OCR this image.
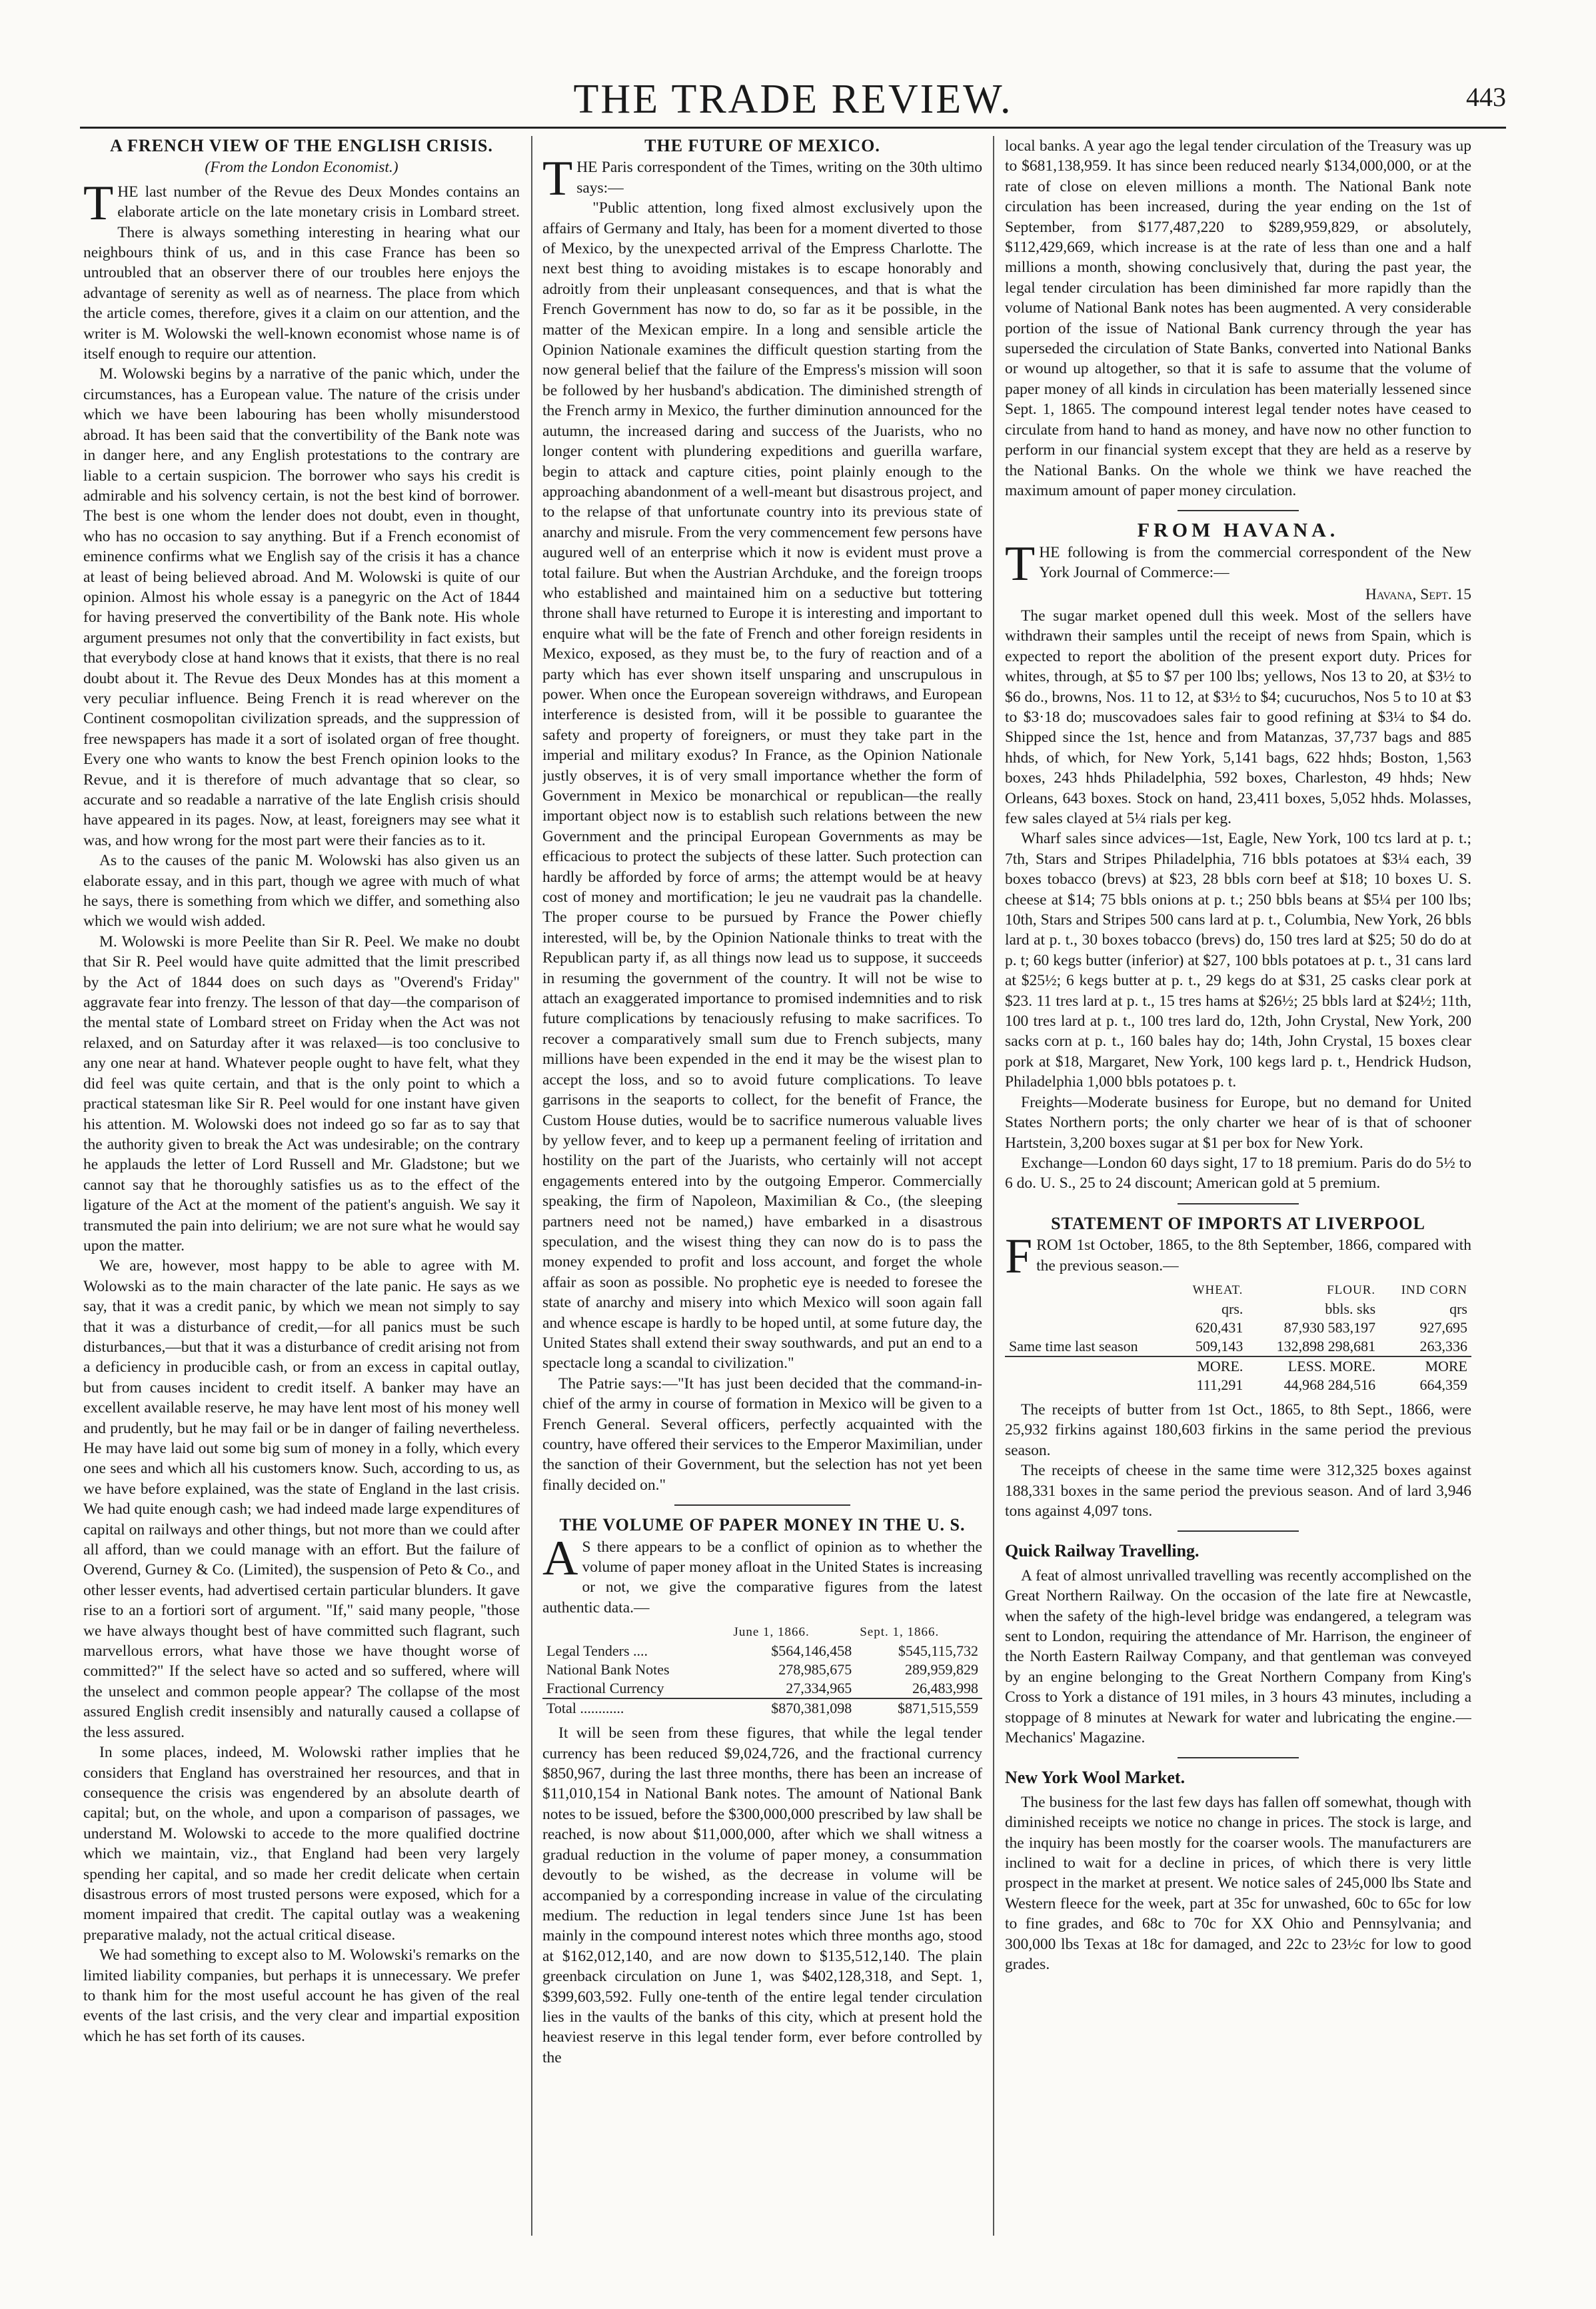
THE TRADE REVIEW.	443
A FRENCH VIEW OF THE ENGLISH CRISIS.
(From the London Economist.)

THE last number of the Revue des Deux Mondes contains an elaborate article on the late monetary crisis in Lombard street. There is always something interesting in hearing what our neighbours think of us, and in this case France has been so untroubled that an observer there of our troubles here enjoys the advantage of serenity as well as of nearness. The place from which the article comes, therefore, gives it a claim on our attention, and the writer is M. Wolowski the well-known economist whose name is of itself enough to require our attention.

M. Wolowski begins by a narrative of the panic which, under the circumstances, has a European value. The nature of the crisis under which we have been labouring has been wholly misunderstood abroad. It has been said that the convertibility of the Bank note was in danger here, and any English protestations to the contrary are liable to a certain suspicion. The borrower who says his credit is admirable and his solvency certain, is not the best kind of borrower. The best is one whom the lender does not doubt, even in thought, who has no occasion to say anything. But if a French economist of eminence confirms what we English say of the crisis it has a chance at least of being believed abroad. And M. Wolowski is quite of our opinion. Almost his whole essay is a panegyric on the Act of 1844 for having preserved the convertibility of the Bank note. His whole argument presumes not only that the convertibility in fact exists, but that everybody close at hand knows that it exists, that there is no real doubt about it. The Revue des Deux Mondes has at this moment a very peculiar influence. Being French it is read wherever on the Continent cosmopolitan civilization spreads, and the suppression of free newspapers has made it a sort of isolated organ of free thought. Every one who wants to know the best French opinion looks to the Revue, and it is therefore of much advantage that so clear, so accurate and so readable a narrative of the late English crisis should have appeared in its pages. Now, at least, foreigners may see what it was, and how wrong for the most part were their fancies as to it.

As to the causes of the panic M. Wolowski has also given us an elaborate essay, and in this part, though we agree with much of what he says, there is something from which we differ, and something also which we would wish added.

M. Wolowski is more Peelite than Sir R. Peel. We make no doubt that Sir R. Peel would have quite admitted that the limit prescribed by the Act of 1844 does on such days as "Overend's Friday" aggravate fear into frenzy. The lesson of that day—the comparison of the mental state of Lombard street on Friday when the Act was not relaxed, and on Saturday after it was relaxed—is too conclusive to any one near at hand. Whatever people ought to have felt, what they did feel was quite certain, and that is the only point to which a practical statesman like Sir R. Peel would for one instant have given his attention. M. Wolowski does not indeed go so far as to say that the authority given to break the Act was undesirable; on the contrary he applauds the letter of Lord Russell and Mr. Gladstone; but we cannot say that he thoroughly satisfies us as to the effect of the ligature of the Act at the moment of the patient's anguish. We say it transmuted the pain into delirium; we are not sure what he would say upon the matter.

We are, however, most happy to be able to agree with M. Wolowski as to the main character of the late panic. He says as we say, that it was a credit panic, by which we mean not simply to say that it was a disturbance of credit,—for all panics must be such disturbances,—but that it was a disturbance of credit arising not from a deficiency in producible cash, or from an excess in capital outlay, but from causes incident to credit itself. A banker may have an excellent available reserve, he may have lent most of his money well and prudently, but he may fail or be in danger of failing nevertheless. He may have laid out some big sum of money in a folly, which every one sees and which all his customers know. Such, according to us, as we have before explained, was the state of England in the last crisis. We had quite enough cash; we had indeed made large expenditures of capital on railways and other things, but not more than we could after all afford, than we could manage with an effort. But the failure of Overend, Gurney & Co. (Limited), the suspension of Peto & Co., and other lesser events, had advertised certain particular blunders. It gave rise to an a fortiori sort of argument. "If," said many people, "those we have always thought best of have committed such flagrant, such marvellous errors, what have those we have thought worse of committed?" If the select have so acted and so suffered, where will the unselect and common people appear? The collapse of the most assured English credit insensibly and naturally caused a collapse of the less assured.

In some places, indeed, M. Wolowski rather implies that he considers that England has overstrained her resources, and that in consequence the crisis was engendered by an absolute dearth of capital; but, on the whole, and upon a comparison of passages, we understand M. Wolowski to accede to the more qualified doctrine which we maintain, viz., that England had been very largely spending her capital, and so made her credit delicate when certain disastrous errors of most trusted persons were exposed, which for a moment impaired that credit. The capital outlay was a weakening preparative malady, not the actual critical disease.

We had something to except also to M. Wolowski's remarks on the limited liability companies, but perhaps it is unnecessary. We prefer to thank him for the most useful account he has given of the real events of the last crisis, and the very clear and impartial exposition which he has set forth of its causes.

THE FUTURE OF MEXICO.

THE Paris correspondent of the Times, writing on the 30th ultimo says:—

"Public attention, long fixed almost exclusively upon the affairs of Germany and Italy, has been for a moment diverted to those of Mexico, by the unexpected arrival of the Empress Charlotte. The next best thing to avoiding mistakes is to escape honorably and adroitly from their unpleasant consequences, and that is what the French Government has now to do, so far as it be possible, in the matter of the Mexican empire. In a long and sensible article the Opinion Nationale examines the difficult question starting from the now general belief that the failure of the Empress's mission will soon be followed by her husband's abdication. The diminished strength of the French army in Mexico, the further diminution announced for the autumn, the increased daring and success of the Juarists, who no longer content with plundering expeditions and guerilla warfare, begin to attack and capture cities, point plainly enough to the approaching abandonment of a well-meant but disastrous project, and to the relapse of that unfortunate country into its previous state of anarchy and misrule. From the very commencement few persons have augured well of an enterprise which it now is evident must prove a total failure. But when the Austrian Archduke, and the foreign troops who established and maintained him on a seductive but tottering throne shall have returned to Europe it is interesting and important to enquire what will be the fate of French and other foreign residents in Mexico, exposed, as they must be, to the fury of reaction and of a party which has ever shown itself unsparing and unscrupulous in power. When once the European sovereign withdraws, and European interference is desisted from, will it be possible to guarantee the safety and property of foreigners, or must they take part in the imperial and military exodus? In France, as the Opinion Nationale justly observes, it is of very small importance whether the form of Government in Mexico be monarchical or republican—the really important object now is to establish such relations between the new Government and the principal European Governments as may be efficacious to protect the subjects of these latter. Such protection can hardly be afforded by force of arms; the attempt would be at heavy cost of money and mortification; le jeu ne vaudrait pas la chandelle. The proper course to be pursued by France the Power chiefly interested, will be, by the Opinion Nationale thinks to treat with the Republican party if, as all things now lead us to suppose, it succeeds in resuming the government of the country. It will not be wise to attach an exaggerated importance to promised indemnities and to risk future complications by tenaciously refusing to make sacrifices. To recover a comparatively small sum due to French subjects, many millions have been expended in the end it may be the wisest plan to accept the loss, and so to avoid future complications. To leave garrisons in the seaports to collect, for the benefit of France, the Custom House duties, would be to sacrifice numerous valuable lives by yellow fever, and to keep up a permanent feeling of irritation and hostility on the part of the Juarists, who certainly will not accept engagements entered into by the outgoing Emperor. Commercially speaking, the firm of Napoleon, Maximilian & Co., (the sleeping partners need not be named,) have embarked in a disastrous speculation, and the wisest thing they can now do is to pass the money expended to profit and loss account, and forget the whole affair as soon as possible. No prophetic eye is needed to foresee the state of anarchy and misery into which Mexico will soon again fall and whence escape is hardly to be hoped until, at some future day, the United States shall extend their sway southwards, and put an end to a spectacle long a scandal to civilization."

The Patrie says:—"It has just been decided that the command-in-chief of the army in course of formation in Mexico will be given to a French General. Several officers, perfectly acquainted with the country, have offered their services to the Emperor Maximilian, under the sanction of their Government, but the selection has not yet been finally decided on."

THE VOLUME OF PAPER MONEY IN THE U. S.

A S there appears to be a conflict of opinion as to whether the volume of paper money afloat in the United States is increasing or not, we give the comparative figures from the latest authentic data.—

	June 1, 1866.	Sept. 1, 1866.
Legal Tenders ....	$564,146,458	$545,115,732
National Bank Notes	278,985,675	289,959,829
Fractional Currency	27,334,965	26,483,998
Total ............	$870,381,098	$871,515,559

It will be seen from these figures, that while the legal tender currency has been reduced $9,024,726, and the fractional currency $850,967, during the last three months, there has been an increase of $11,010,154 in National Bank notes. The amount of National Bank notes to be issued, before the $300,000,000 prescribed by law shall be reached, is now about $11,000,000, after which we shall witness a gradual reduction in the volume of paper money, a consummation devoutly to be wished, as the decrease in volume will be accompanied by a corresponding increase in value of the circulating medium. The reduction in legal tenders since June 1st has been mainly in the compound interest notes which three months ago, stood at $162,012,140, and are now down to $135,512,140. The plain greenback circulation on June 1, was $402,128,318, and Sept. 1, $399,603,592. Fully one-tenth of the entire legal tender circulation lies in the vaults of the banks of this city, which at present hold the heaviest reserve in this legal tender form, ever before controlled by the

local banks. A year ago the legal tender circulation of the Treasury was up to $681,138,959. It has since been reduced nearly $134,000,000, or at the rate of close on eleven millions a month. The National Bank note circulation has been increased, during the year ending on the 1st of September, from $177,487,220 to $289,959,829, or absolutely, $112,429,669, which increase is at the rate of less than one and a half millions a month, showing conclusively that, during the past year, the legal tender circulation has been diminished far more rapidly than the volume of National Bank notes has been augmented. A very considerable portion of the issue of National Bank currency through the year has superseded the circulation of State Banks, converted into National Banks or wound up altogether, so that it is safe to assume that the volume of paper money of all kinds in circulation has been materially lessened since Sept. 1, 1865. The compound interest legal tender notes have ceased to circulate from hand to hand as money, and have now no other function to perform in our financial system except that they are held as a reserve by the National Banks. On the whole we think we have reached the maximum amount of paper money circulation.

FROM HAVANA.

THE following is from the commercial correspondent of the New York Journal of Commerce:—

Havana, Sept. 15

The sugar market opened dull this week. Most of the sellers have withdrawn their samples until the receipt of news from Spain, which is expected to report the abolition of the present export duty. Prices for whites, through, at $5 to $7 per 100 lbs; yellows, Nos 13 to 20, at $3½ to $6 do., browns, Nos. 11 to 12, at $3½ to $4; cucuruchos, Nos 5 to 10 at $3 to $3·18 do; muscovadoes sales fair to good refining at $3¼ to $4 do. Shipped since the 1st, hence and from Matanzas, 37,737 bags and 885 hhds, of which, for New York, 5,141 bags, 622 hhds; Boston, 1,563 boxes, 243 hhds Philadelphia, 592 boxes, Charleston, 49 hhds; New Orleans, 643 boxes. Stock on hand, 23,411 boxes, 5,052 hhds. Molasses, few sales clayed at 5¼ rials per keg.

Wharf sales since advices—1st, Eagle, New York, 100 tcs lard at p. t.; 7th, Stars and Stripes Philadelphia, 716 bbls potatoes at $3¼ each, 39 boxes tobacco (brevs) at $23, 28 bbls corn beef at $18; 10 boxes U. S. cheese at $14; 75 bbls onions at p. t.; 250 bbls beans at $5¼ per 100 lbs; 10th, Stars and Stripes 500 cans lard at p. t., Columbia, New York, 26 bbls lard at p. t., 30 boxes tobacco (brevs) do, 150 tres lard at $25; 50 do do at p. t; 60 kegs butter (inferior) at $27, 100 bbls potatoes at p. t., 31 cans lard at $25½; 6 kegs butter at p. t., 29 kegs do at $31, 25 casks clear pork at $23. 11 tres lard at p. t., 15 tres hams at $26½; 25 bbls lard at $24½; 11th, 100 tres lard at p. t., 100 tres lard do, 12th, John Crystal, New York, 200 sacks corn at p. t., 160 bales hay do; 14th, John Crystal, 15 boxes clear pork at $18, Margaret, New York, 100 kegs lard p. t., Hendrick Hudson, Philadelphia 1,000 bbls potatoes p. t.

Freights—Moderate business for Europe, but no demand for United States Northern ports; the only charter we hear of is that of schooner Hartstein, 3,200 boxes sugar at $1 per box for New York.

Exchange—London 60 days sight, 17 to 18 premium. Paris do do 5½ to 6 do. U. S., 25 to 24 discount; American gold at 5 premium.

STATEMENT OF IMPORTS AT LIVERPOOL

FROM 1st October, 1865, to the 8th September, 1866, compared with the previous season.—

	WHEAT.	FLOUR.	IND CORN
	qrs.	bbls. sks	qrs
	620,431	87,930 583,197	927,695
Same time last season	509,143	132,898 298,681	263,336
	MORE.	LESS. MORE.	MORE
	111,291	44,968 284,516	664,359

The receipts of butter from 1st Oct., 1865, to 8th Sept., 1866, were 25,932 firkins against 180,603 firkins in the same period the previous season.

The receipts of cheese in the same time were 312,325 boxes against 188,331 boxes in the same period the previous season. And of lard 3,946 tons against 4,097 tons.

Quick Railway Travelling.

A feat of almost unrivalled travelling was recently accomplished on the Great Northern Railway. On the occasion of the late fire at Newcastle, when the safety of the high-level bridge was endangered, a telegram was sent to London, requiring the attendance of Mr. Harrison, the engineer of the North Eastern Railway Company, and that gentleman was conveyed by an engine belonging to the Great Northern Company from King's Cross to York a distance of 191 miles, in 3 hours 43 minutes, including a stoppage of 8 minutes at Newark for water and lubricating the engine.—Mechanics' Magazine.

New York Wool Market.

The business for the last few days has fallen off somewhat, though with diminished receipts we notice no change in prices. The stock is large, and the inquiry has been mostly for the coarser wools. The manufacturers are inclined to wait for a decline in prices, of which there is very little prospect in the market at present. We notice sales of 245,000 lbs State and Western fleece for the week, part at 35c for unwashed, 60c to 65c for low to fine grades, and 68c to 70c for XX Ohio and Pennsylvania; and 300,000 lbs Texas at 18c for damaged, and 22c to 23½c for low to good grades.
